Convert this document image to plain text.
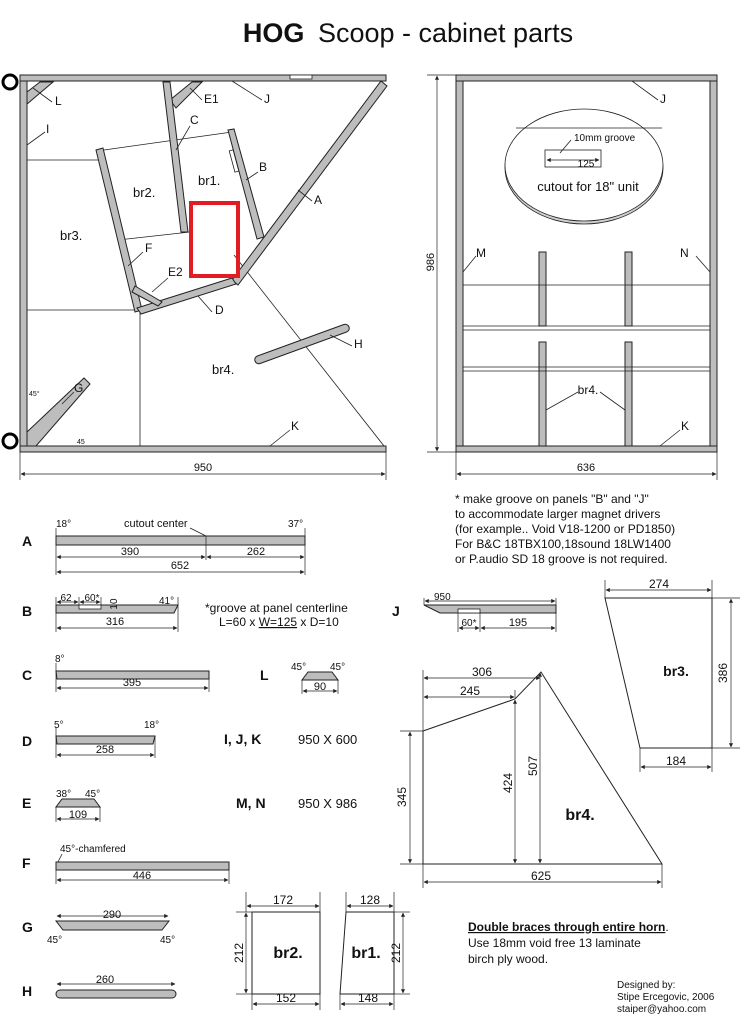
HOG Scoop - cabinet parts
L	E1	J
I
C
B
A
F
E2
D
H
G
K
br1.
br2.
br3.
br4.
45°
45
950
10mm groove
125
cutout for 18" unit
J
M	N
K
br4.
986
636
* make groove on panels "B" and "J"
to accommodate larger magnet drivers
(for example.. Void V18-1200 or PD1850)
For B&C 18TBX100,18sound 18LW1400
or P.audio SD 18 groove is not required.
A
18°	37°
cutout center
390	262
652
B
62 60* 10	41°
316
*groove at panel centerline
L=60 x W=125 x D=10
J
950
60*	195
C
8°
395	L 45° 45°
90
D
5°	18°
258
I, J, K	950 X 600
E
38° 45°
109
M, N 950 X 986
F
45°-chamfered
446
G
290
45°	45°
H
260
274
386
184
br3.
306
245
345
424
507
625
br4.
172
212
152
br2.
128
212
148
br1.
Double braces through entire horn.
Use 18mm void free 13 laminate
birch ply wood.
Designed by:
Stipe Ercegovic, 2006
staiper@yahoo.com
